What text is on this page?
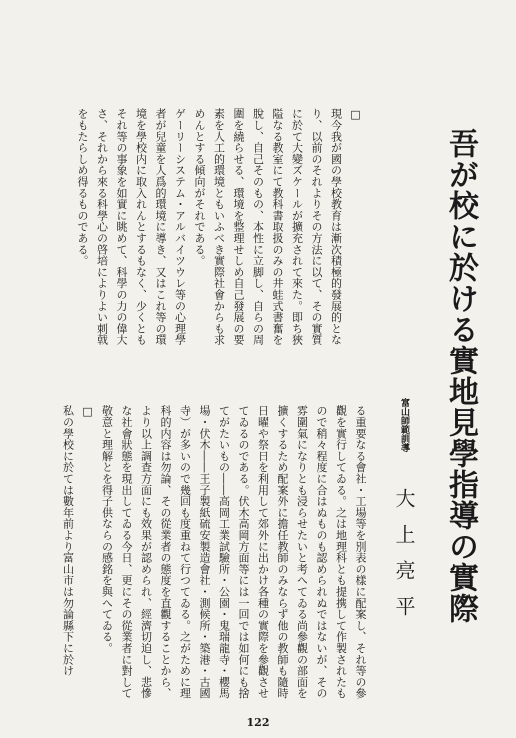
吾が校に於ける實地見學指導の實際
富山師範訓導
大上亮平
□

現今我が國の學校教育は漸次積極的發展的となり、以前のそれよりその方法に以て、その實質に於て大變ズケールが擴充されて來た。即ち狹隘なる教室にて教科書取扱のみの井蛙式書奮を脫し、自己そのもの、本性に立脚し、自らの周圍を繞らせる、環境を整理せしめ自己發展の要素を人工的環境ともいふべき實際社會からも求めんとする傾向がそれである。

ゲーリーシステム・アルバイツウレ等の心理學者が兒童を人爲的環境に導き、又はこれ等の環境を學校内に取入れんとするもなく、少くともそれ等の事象を如實に眺めて、科學の力の偉大さ、それから來る科學心の啓培によりよい刺戟をもたらしめ得るものである。

る重要なる會社・工場等を別表の樣に配案し、それ等の參觀を實行してゐる。之は地理科とも提携して作製されたもので稍々程度に合はぬものも認められぬではないが、その雰圍氣になりとも浸らせたいと考へてゐる尚參觀の部面を擴くするため配案外に擔任教師のみならず他の教師も隨時日曜や祭日を利用して郊外に出かけ各種の實際を參觀させてゐるのである。伏木高岡方面等には一回では如何にも捨てがたいもの――高岡工業試驗所・公園・鬼瑞龍寺・櫻馬場・伏木――王子製紙硫安製造會社・測候所・築港・古國寺）が多いので幾回も度重ねて行つてゐる。之がために理科的内容は勿論、その從業者の態度を直觀することから、より以上調査方面にも效果が認められ、經濟切迫し、悲慘な社會狀態を現出してゐる今日、更にその從業者に對して敬意と理解とを得子供ならの感銘を與へてゐる。

□

私の學校に於ては數年前より富山市は勿論縣下に於け

122
